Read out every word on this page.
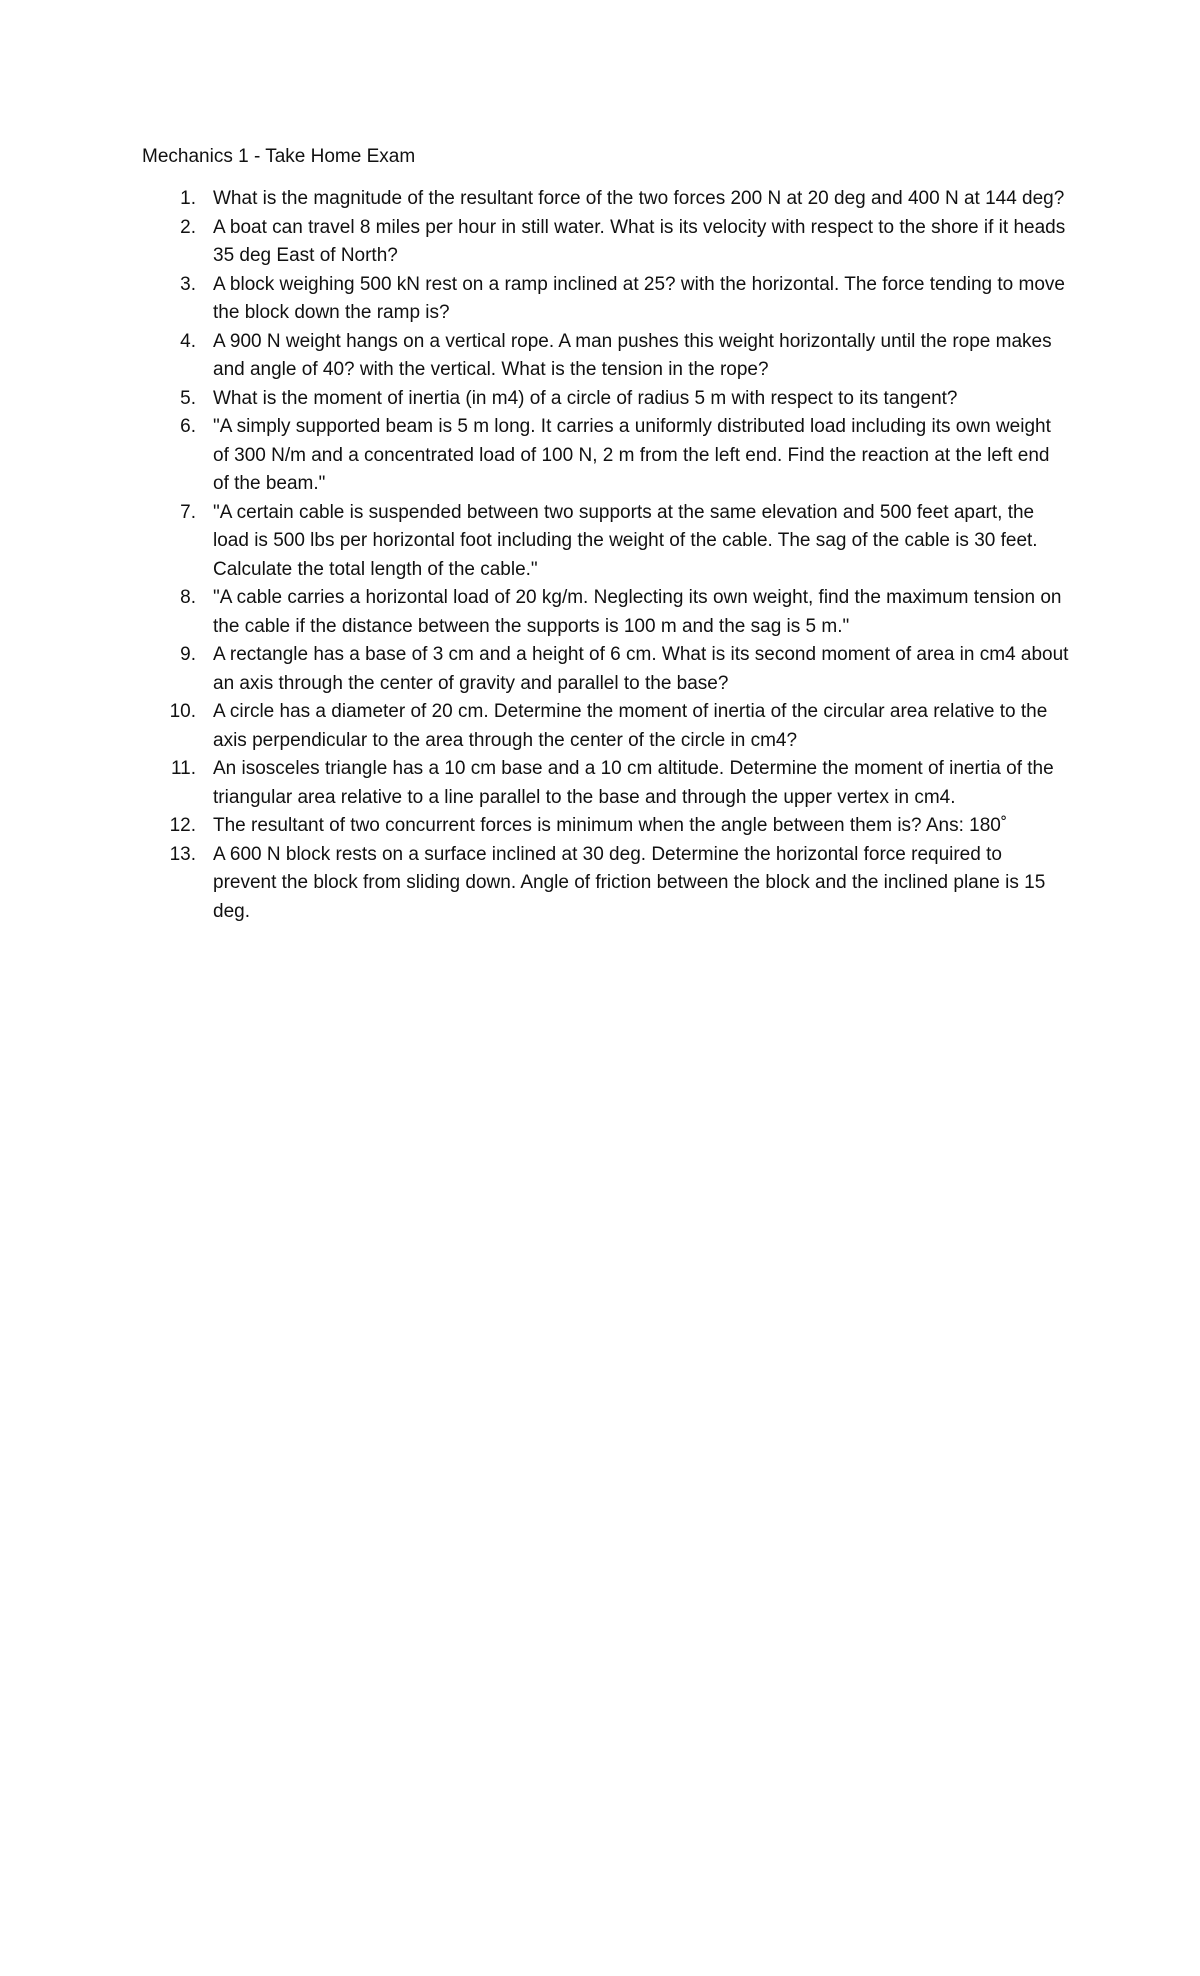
Mechanics 1 - Take Home Exam
1. What is the magnitude of the resultant force of the two forces 200 N at 20 deg and 400 N at 144 deg?
2. A boat can travel 8 miles per hour in still water. What is its velocity with respect to the shore if it heads 35 deg East of North?
3. A block weighing 500 kN rest on a ramp inclined at 25? with the horizontal. The force tending to move the block down the ramp is?
4. A 900 N weight hangs on a vertical rope. A man pushes this weight horizontally until the rope makes and angle of 40? with the vertical. What is the tension in the rope?
5. What is the moment of inertia (in m4) of a circle of radius 5 m with respect to its tangent?
6. "A simply supported beam is 5 m long. It carries a uniformly distributed load including its own weight of 300 N/m and a concentrated load of 100 N, 2 m from the left end. Find the reaction at the left end of the beam."
7. "A certain cable is suspended between two supports at the same elevation and 500 feet apart, the load is 500 lbs per horizontal foot including the weight of the cable. The sag of the cable is 30 feet. Calculate the total length of the cable."
8. "A cable carries a horizontal load of 20 kg/m. Neglecting its own weight, find the maximum tension on the cable if the distance between the supports is 100 m and the sag is 5 m."
9. A rectangle has a base of 3 cm and a height of 6 cm. What is its second moment of area in cm4 about an axis through the center of gravity and parallel to the base?
10. A circle has a diameter of 20 cm. Determine the moment of inertia of the circular area relative to the axis perpendicular to the area through the center of the circle in cm4?
11. An isosceles triangle has a 10 cm base and a 10 cm altitude. Determine the moment of inertia of the triangular area relative to a line parallel to the base and through the upper vertex in cm4.
12. The resultant of two concurrent forces is minimum when the angle between them is? Ans: 180˚
13. A 600 N block rests on a surface inclined at 30 deg. Determine the horizontal force required to prevent the block from sliding down. Angle of friction between the block and the inclined plane is 15 deg.
